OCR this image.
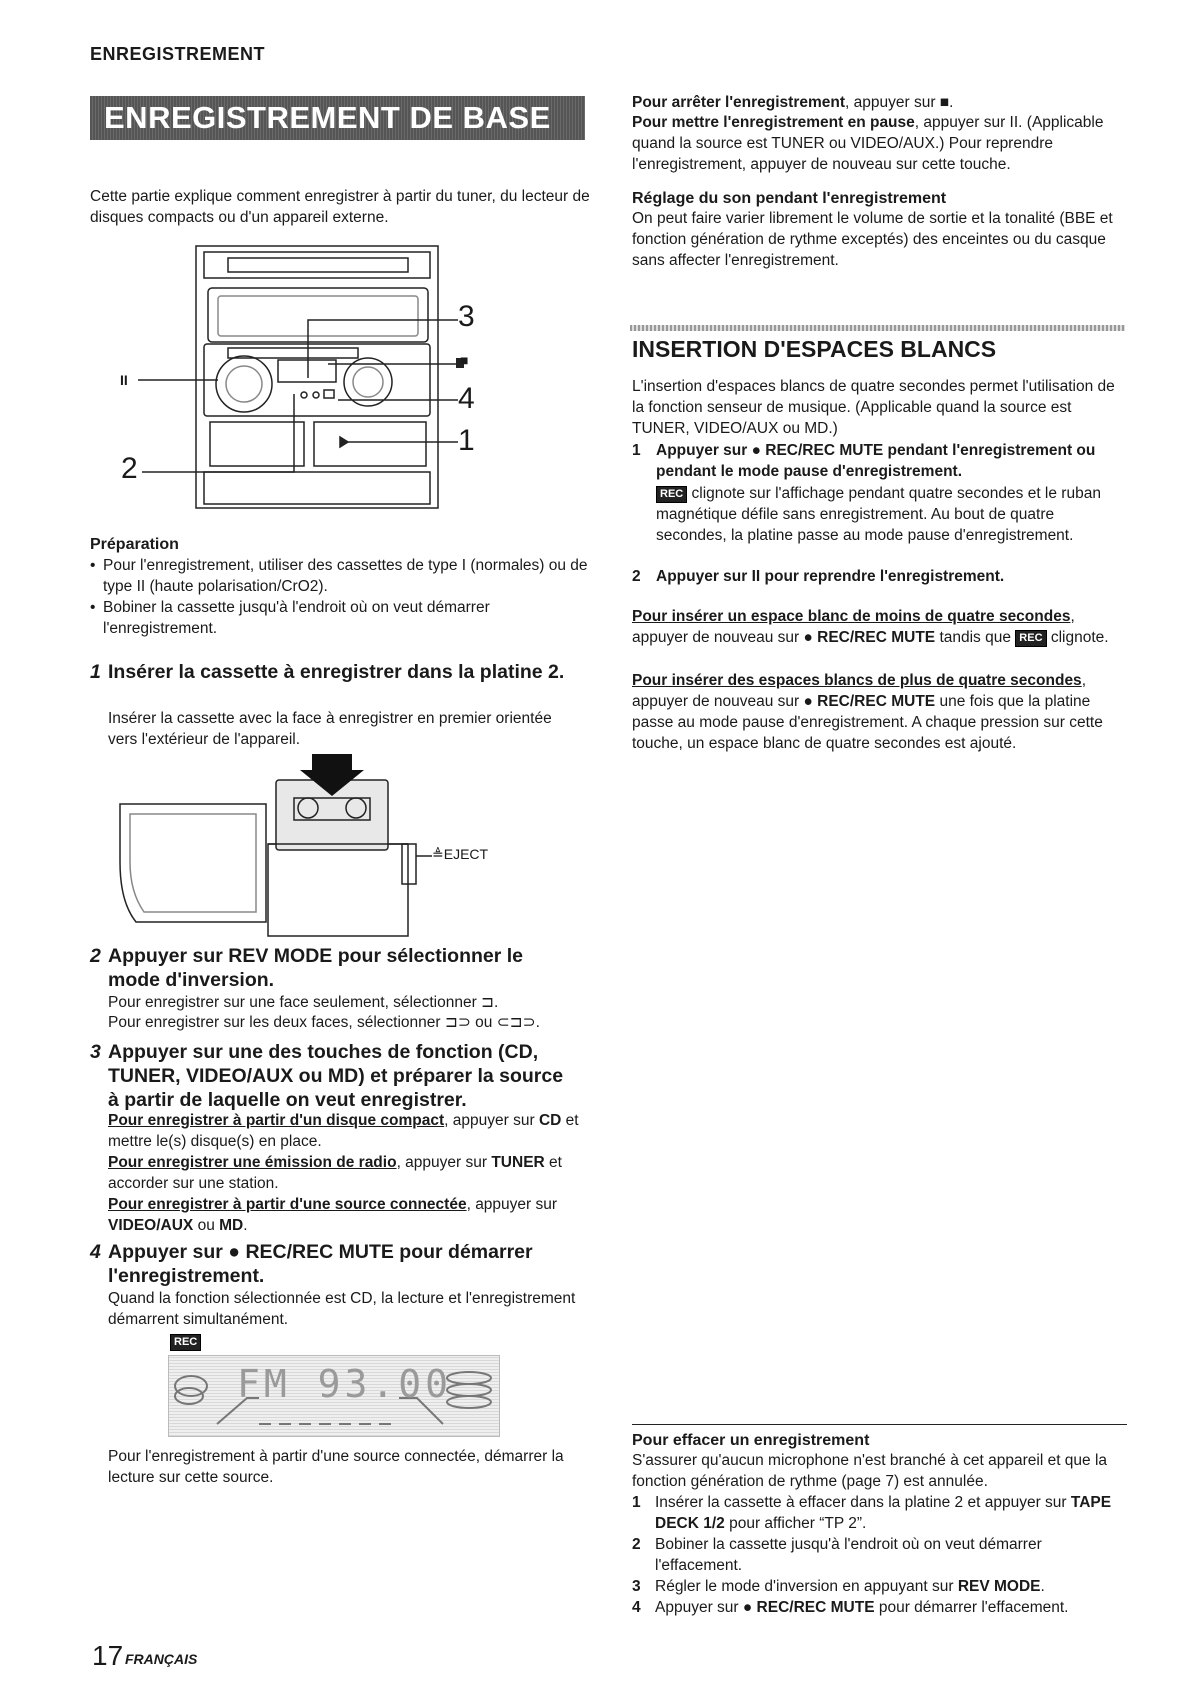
ENREGISTREMENT
ENREGISTREMENT DE BASE

Cette partie explique comment enregistrer à partir du tuner, du lecteur de disques compacts ou d'un appareil externe.

3
■
4
1
2
II
Préparation
• Pour l'enregistrement, utiliser des cassettes de type I (normales) ou de type II (haute polarisation/CrO2).
• Bobiner la cassette jusqu'à l'endroit où on veut démarrer l'enregistrement.
1 Insérer la cassette à enregistrer dans la platine 2.

Insérer la cassette avec la face à enregistrer en premier orientée vers l'extérieur de l'appareil.

≜EJECT
2 Appuyer sur REV MODE pour sélectionner le mode d'inversion.

Pour enregistrer sur une face seulement, sélectionner ⊐.

Pour enregistrer sur les deux faces, sélectionner ⊐⊃ ou ⊂⊐⊃.

3 Appuyer sur une des touches de fonction (CD, TUNER, VIDEO/AUX ou MD) et préparer la source à partir de laquelle on veut enregistrer.

Pour enregistrer à partir d'un disque compact, appuyer sur CD et mettre le(s) disque(s) en place.

Pour enregistrer une émission de radio, appuyer sur TUNER et accorder sur une station.

Pour enregistrer à partir d'une source connectée, appuyer sur VIDEO/AUX ou MD.

4 Appuyer sur ● REC/REC MUTE pour démarrer l'enregistrement.

Quand la fonction sélectionnée est CD, la lecture et l'enregistrement démarrent simultanément.

REC
FM 93.00

Pour l'enregistrement à partir d'une source connectée, démarrer la lecture sur cette source.

Pour arrêter l'enregistrement, appuyer sur ■.

Pour mettre l'enregistrement en pause, appuyer sur II. (Applicable quand la source est TUNER ou VIDEO/AUX.) Pour reprendre l'enregistrement, appuyer de nouveau sur cette touche.

Réglage du son pendant l'enregistrement

On peut faire varier librement le volume de sortie et la tonalité (BBE et fonction génération de rythme exceptés) des enceintes ou du casque sans affecter l'enregistrement.

INSERTION D'ESPACES BLANCS

L'insertion d'espaces blancs de quatre secondes permet l'utilisation de la fonction senseur de musique. (Applicable quand la source est TUNER, VIDEO/AUX ou MD.)

1 Appuyer sur ● REC/REC MUTE pendant l'enregistrement ou pendant le mode pause d'enregistrement.

REC clignote sur l'affichage pendant quatre secondes et le ruban magnétique défile sans enregistrement. Au bout de quatre secondes, la platine passe au mode pause d'enregistrement.

2 Appuyer sur II pour reprendre l'enregistrement.

Pour insérer un espace blanc de moins de quatre secondes, appuyer de nouveau sur ● REC/REC MUTE tandis que REC clignote.

Pour insérer des espaces blancs de plus de quatre secondes, appuyer de nouveau sur ● REC/REC MUTE une fois que la platine passe au mode pause d'enregistrement. A chaque pression sur cette touche, un espace blanc de quatre secondes est ajouté.

Pour effacer un enregistrement

S'assurer qu'aucun microphone n'est branché à cet appareil et que la fonction génération de rythme (page 7) est annulée.

1 Insérer la cassette à effacer dans la platine 2 et appuyer sur TAPE DECK 1/2 pour afficher “TP 2”.
2 Bobiner la cassette jusqu'à l'endroit où on veut démarrer l'effacement.
3 Régler le mode d'inversion en appuyant sur REV MODE.
4 Appuyer sur ● REC/REC MUTE pour démarrer l'effacement.
17 FRANÇAIS
